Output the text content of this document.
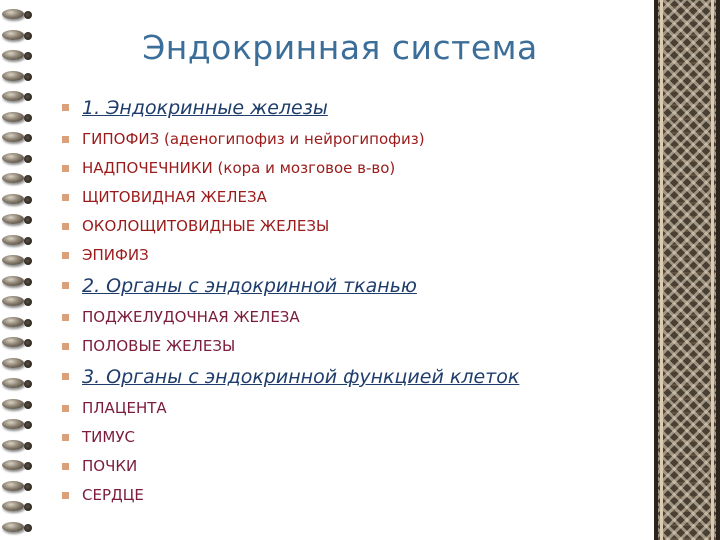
Эндокринная система
1. Эндокринные железы
ГИПОФИЗ (аденогипофиз и нейрогипофиз)
НАДПОЧЕЧНИКИ (кора и мозговое в-во)
ЩИТОВИДНАЯ ЖЕЛЕЗА
ОКОЛОЩИТОВИДНЫЕ ЖЕЛЕЗЫ
ЭПИФИЗ
2. Органы с эндокринной тканью
ПОДЖЕЛУДОЧНАЯ ЖЕЛЕЗА
ПОЛОВЫЕ ЖЕЛЕЗЫ
3. Органы с эндокринной функцией клеток
ПЛАЦЕНТА
ТИМУС
ПОЧКИ
СЕРДЦЕ
